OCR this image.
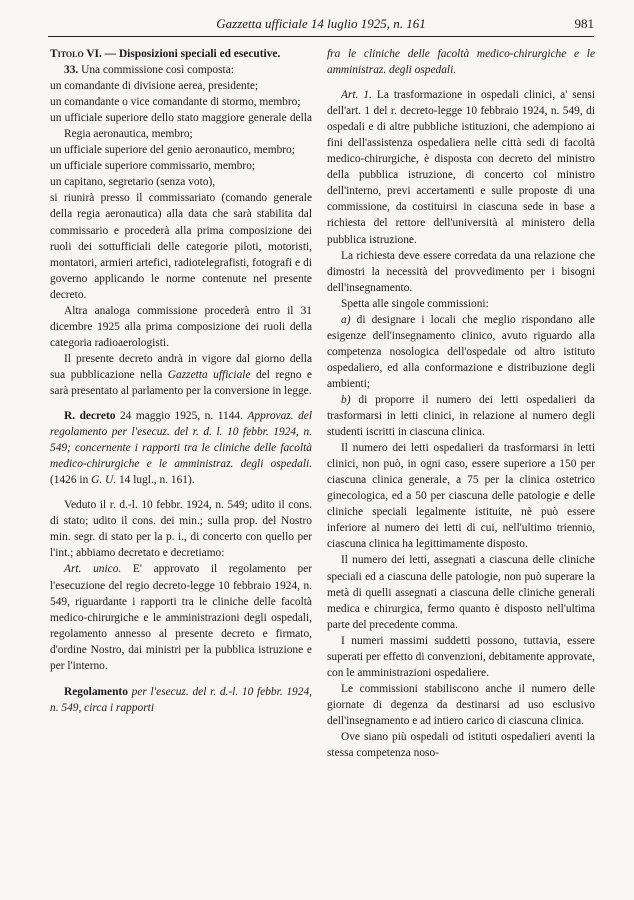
Gazzetta ufficiale 14 luglio 1925, n. 161	981

Titolo VI. — Disposizioni speciali ed esecutive.

33. Una commissione così composta:

un comandante di divisione aerea, presidente;

un comandante o vice comandante di stormo, membro;

un ufficiale superiore dello stato maggiore generale della Regia aeronautica, membro;

un ufficiale superiore del genio aeronautico, membro;

un ufficiale superiore commissario, membro;

un capitano, segretario (senza voto),

si riunirà presso il commissariato (comando generale della regia aeronautica) alla data che sarà stabilita dal commissario e procederà alla prima composizione dei ruoli dei sottufficiali delle categorie piloti, motoristi, montatori, armieri artefici, radiotelegrafisti, fotografi e di governo applicando le norme contenute nel presente decreto.

Altra analoga commissione procederà entro il 31 dicembre 1925 alla prima composizione dei ruoli della categoria radioaerologisti.

Il presente decreto andrà in vigore dal giorno della sua pubblicazione nella Gazzetta ufficiale del regno e sarà presentato al parlamento per la conversione in legge.

R. decreto 24 maggio 1925, n. 1144. Approvaz. del regolamento per l'esecuz. del r. d. l. 10 febbr. 1924, n. 549; concernente i rapporti tra le cliniche delle facoltà medico-chirurgiche e le amministraz. degli ospedali. (1426 in G. U. 14 lugl., n. 161).

Veduto il r. d.-l. 10 febbr. 1924, n. 549; udito il cons. di stato; udito il cons. dei min.; sulla prop. del Nostro min. segr. di stato per la p. i., di concerto con quello per l'int.; abbiamo decretato e decretiamo:

Art. unico. E' approvato il regolamento per l'esecuzione del regio decreto-legge 10 febbraio 1924, n. 549, riguardante i rapporti tra le cliniche delle facoltà medico-chirurgiche e le amministrazioni degli ospedali, regolamento annesso al presente decreto e firmato, d'ordine Nostro, dai ministri per la pubblica istruzione e per l'interno.

Regolamento per l'esecuz. del r. d.-l. 10 febbr. 1924, n. 549, circa i rapporti

fra le cliniche delle facoltà medico-chirurgiche e le amministraz. degli ospedali.

Art. 1. La trasformazione in ospedali clinici, a' sensi dell'art. 1 del r. decreto-legge 10 febbraio 1924, n. 549, di ospedali e di altre pubbliche istituzioni, che adempiono ai fini dell'assistenza ospedaliera nelle città sedi di facoltà medico-chirurgiche, è disposta con decreto del ministro della pubblica istruzione, di concerto col ministro dell'interno, previ accertamenti e sulle proposte di una commissione, da costituirsi in ciascuna sede in base a richiesta del rettore dell'università al ministero della pubblica istruzione.

La richiesta deve essere corredata da una relazione che dimostri la necessità del provvedimento per i bisogni dell'insegnamento.

Spetta alle singole commissioni:

a) di designare i locali che meglio rispondano alle esigenze dell'insegnamento clinico, avuto riguardo alla competenza nosologica dell'ospedale od altro istituto ospedaliero, ed alla conformazione e distribuzione degli ambienti;

b) di proporre il numero dei letti ospedalieri da trasformarsi in letti clinici, in relazione al numero degli studenti iscritti in ciascuna clinica.

Il numero dei letti ospedalieri da trasformarsi in letti clinici, non può, in ogni caso, essere superiore a 150 per ciascuna clinica generale, a 75 per la clinica ostetrico ginecologica, ed a 50 per ciascuna delle patologie e delle cliniche speciali legalmente istituite, nè può essere inferiore al numero dei letti di cui, nell'ultimo triennio, ciascuna clinica ha legittimamente disposto.

Il numero dei letti, assegnati a ciascuna delle cliniche speciali ed a ciascuna delle patologie, non può superare la metà di quelli assegnati a ciascuna delle cliniche generali medica e chirurgica, fermo quanto è disposto nell'ultima parte del precedente comma.

I numeri massimi suddetti possono, tuttavia, essere superati per effetto di convenzioni, debitamente approvate, con le amministrazioni ospedaliere.

Le commissioni stabiliscono anche il numero delle giornate di degenza da destinarsi ad uso esclusivo dell'insegnamento e ad intiero carico di ciascuna clinica.

Ove siano più ospedali od istituti ospedalieri aventi la stessa competenza noso-
